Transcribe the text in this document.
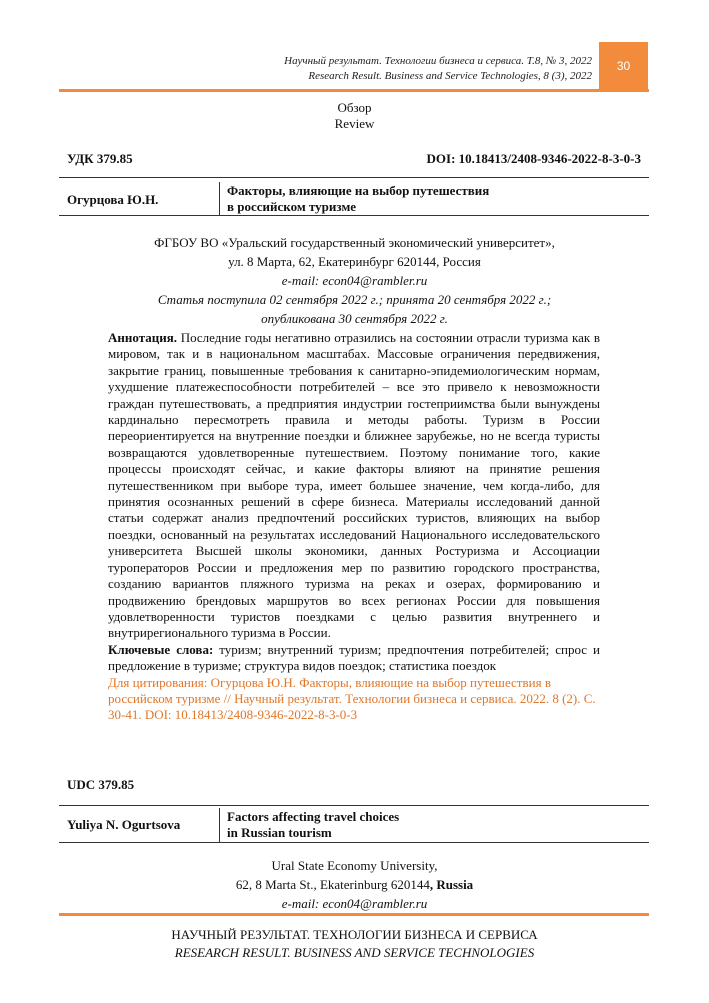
Научный результат. Технологии бизнеса и сервиса. Т.8, № 3, 2022
Research Result. Business and Service Technologies, 8 (3), 2022
30
Обзор
Review
УДК 379.85	DOI: 10.18413/2408-9346-2022-8-3-0-3
Огурцова Ю.Н.
Факторы, влияющие на выбор путешествия
в российском туризме
ФГБОУ ВО «Уральский государственный экономический университет»,
ул. 8 Марта, 62, Екатеринбург 620144, Россия
e-mail: econ04@rambler.ru
Статья поступила 02 сентября 2022 г.; принята 20 сентября 2022 г.;
опубликована 30 сентября 2022 г.

Аннотация. Последние годы негативно отразились на состоянии отрасли туризма как в мировом, так и в национальном масштабах. Массовые ограничения передвижения, закрытие границ, повышенные требования к санитарно-эпидемиологическим нормам, ухудшение платежеспособности потребителей – все это привело к невозможности граждан путешествовать, а предприятия индустрии гостеприимства были вынуждены кардинально пересмотреть правила и методы работы. Туризм в России переориентируется на внутренние поездки и ближнее зарубежье, но не всегда туристы возвращаются удовлетворенные путешествием. Поэтому понимание того, какие процессы происходят сейчас, и какие факторы влияют на принятие решения путешественником при выборе тура, имеет большее значение, чем когда-либо, для принятия осознанных решений в сфере бизнеса. Материалы исследований данной статьи содержат анализ предпочтений российских туристов, влияющих на выбор поездки, основанный на результатах исследований Национального исследовательского университета Высшей школы экономики, данных Ростуризма и Ассоциации туроператоров России и предложения мер по развитию городского пространства, созданию вариантов пляжного туризма на реках и озерах, формированию и продвижению брендовых маршрутов во всех регионах России для повышения удовлетворенности туристов поездками с целью развития внутреннего и внутрирегионального туризма в России.

Ключевые слова: туризм; внутренний туризм; предпочтения потребителей; спрос и предложение в туризме; структура видов поездок; статистика поездок

Для цитирования: Огурцова Ю.Н. Факторы, влияющие на выбор путешествия в российском туризме // Научный результат. Технологии бизнеса и сервиса. 2022. 8 (2). С. 30-41. DOI: 10.18413/2408-9346-2022-8-3-0-3

UDC 379.85
Yuliya N. Ogurtsova
Factors affecting travel choices
in Russian tourism
Ural State Economy University,
62, 8 Marta St., Ekaterinburg 620144, Russia
e-mail: econ04@rambler.ru
НАУЧНЫЙ РЕЗУЛЬТАТ. ТЕХНОЛОГИИ БИЗНЕСА И СЕРВИСА
RESEARCH RESULT. BUSINESS AND SERVICE TECHNOLOGIES
